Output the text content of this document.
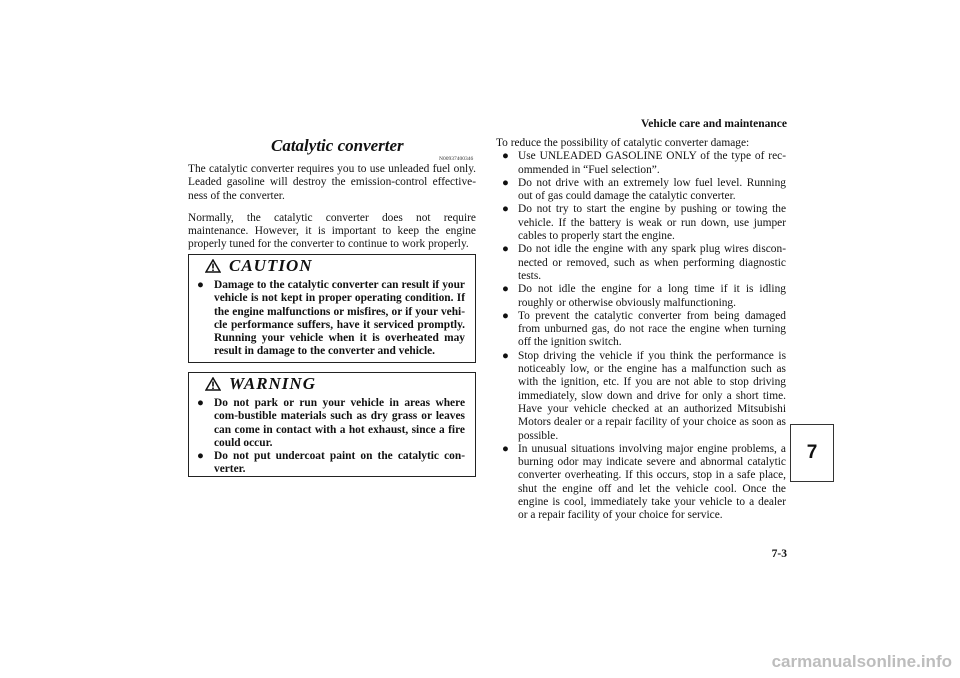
Vehicle care and maintenance
7
7-3
Catalytic converter
N00937400346

The catalytic converter requires you to use unleaded fuel only. Leaded gasoline will destroy the emission-control effective-ness of the converter.

Normally, the catalytic converter does not require maintenance. However, it is important to keep the engine properly tuned for the converter to continue to work properly.

CAUTION
● Damage to the catalytic converter can result if your vehicle is not kept in proper operating condition. If the engine malfunctions or misfires, or if your vehi-cle performance suffers, have it serviced promptly. Running your vehicle when it is overheated may result in damage to the converter and vehicle.
WARNING
● Do not park or run your vehicle in areas where com-bustible materials such as dry grass or leaves can come in contact with a hot exhaust, since a fire could occur.
● Do not put undercoat paint on the catalytic con-verter.

To reduce the possibility of catalytic converter damage:

● Use UNLEADED GASOLINE ONLY of the type of rec-ommended in “Fuel selection”.
● Do not drive with an extremely low fuel level. Running out of gas could damage the catalytic converter.
● Do not try to start the engine by pushing or towing the vehicle. If the battery is weak or run down, use jumper cables to properly start the engine.
● Do not idle the engine with any spark plug wires discon-nected or removed, such as when performing diagnostic tests.
● Do not idle the engine for a long time if it is idling roughly or otherwise obviously malfunctioning.
● To prevent the catalytic converter from being damaged from unburned gas, do not race the engine when turning off the ignition switch.
● Stop driving the vehicle if you think the performance is noticeably low, or the engine has a malfunction such as with the ignition, etc. If you are not able to stop driving immediately, slow down and drive for only a short time. Have your vehicle checked at an authorized Mitsubishi Motors dealer or a repair facility of your choice as soon as possible.
● In unusual situations involving major engine problems, a burning odor may indicate severe and abnormal catalytic converter overheating. If this occurs, stop in a safe place, shut the engine off and let the vehicle cool. Once the engine is cool, immediately take your vehicle to a dealer or a repair facility of your choice for service.
carmanualsonline.info
